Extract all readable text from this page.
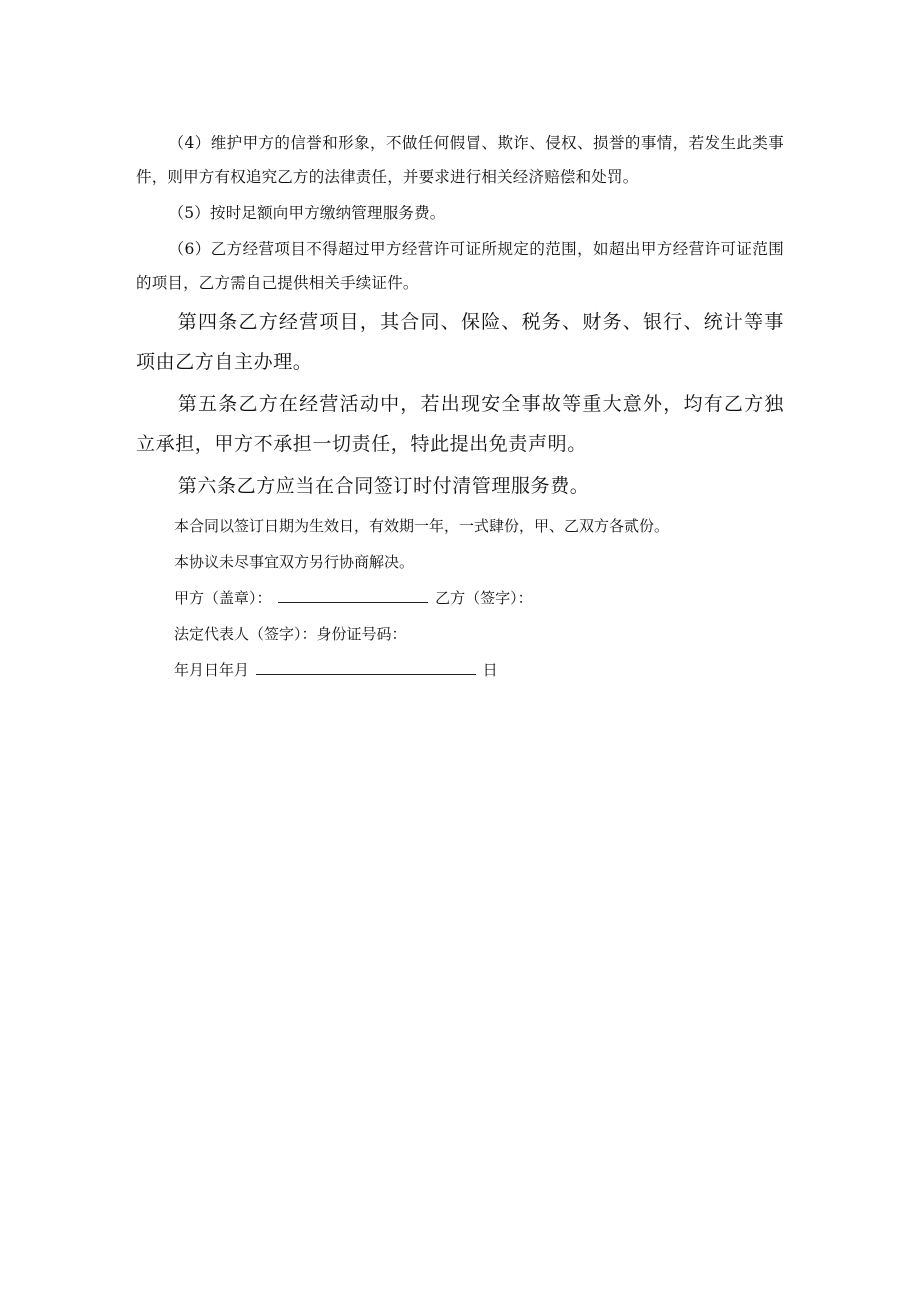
（4）维护甲方的信誉和形象，不做任何假冒、欺诈、侵权、损誉的事情，若发生此类事件，则甲方有权追究乙方的法律责任，并要求进行相关经济赔偿和处罚。

（5）按时足额向甲方缴纳管理服务费。

（6）乙方经营项目不得超过甲方经营许可证所规定的范围，如超出甲方经营许可证范围的项目，乙方需自己提供相关手续证件。

第四条乙方经营项目，其合同、保险、税务、财务、银行、统计等事项由乙方自主办理。

第五条乙方在经营活动中，若出现安全事故等重大意外，均有乙方独立承担，甲方不承担一切责任，特此提出免责声明。

第六条乙方应当在合同签订时付清管理服务费。

本合同以签订日期为生效日，有效期一年，一式肆份，甲、乙双方各贰份。

本协议未尽事宜双方另行协商解决。

甲方（盖章）：	乙方（签字）：

法定代表人（签字）：身份证号码：

年月日年月	日
